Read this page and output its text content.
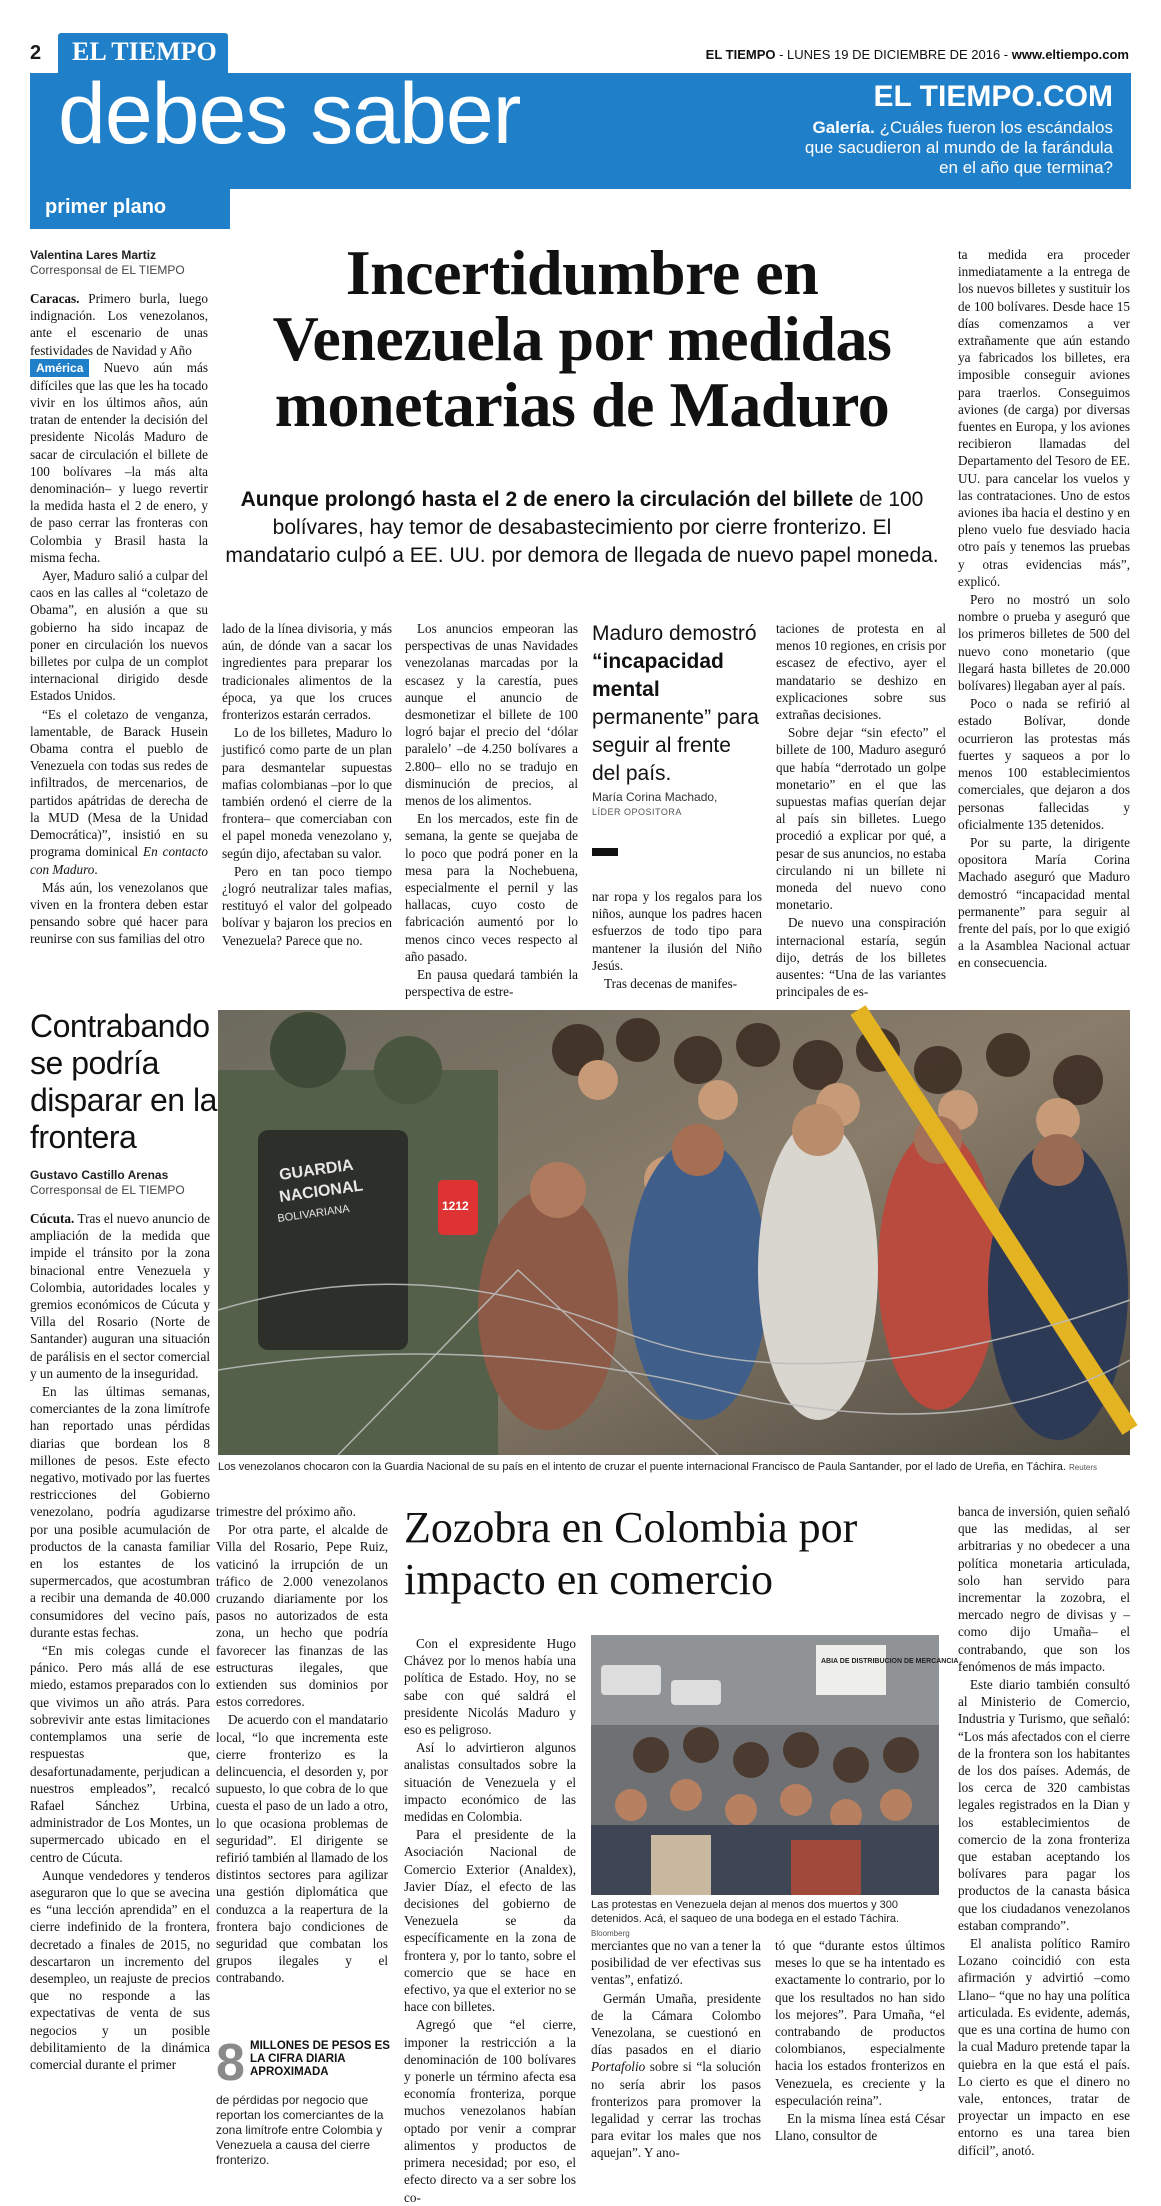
2	EL TIEMPO	EL TIEMPO - LUNES 19 DE DICIEMBRE DE 2016 - www.eltiempo.com
debes saber	EL TIEMPO.COM
Galería. ¿Cuáles fueron los escándalos que sacudieron al mundo de la farándula en el año que termina?
primer plano
Valentina Lares Martiz
Corresponsal de EL TIEMPO	Incertidumbre en Venezuela por medidas monetarias de Maduro
Aunque prolongó hasta el 2 de enero la circulación del billete de 100 bolívares, hay temor de desabastecimiento por cierre fronterizo. El mandatario culpó a EE. UU. por demora de llegada de nuevo papel moneda.

Caracas. Primero burla, luego indignación. Los venezolanos, ante el escenario de unas festividades de Navidad y Año
América Nuevo aún más difíciles que las que les ha tocado vivir en los últimos años, aún tratan de entender la decisión del presidente Nicolás Maduro de sacar de circulación el billete de 100 bolívares –la más alta denominación– y luego revertir la medida hasta el 2 de enero, y de paso cerrar las fronteras con Colombia y Brasil hasta la misma fecha.

Ayer, Maduro salió a culpar del caos en las calles al “coletazo de Obama”, en alusión a que su gobierno ha sido incapaz de poner en circulación los nuevos billetes por culpa de un complot internacional dirigido desde Estados Unidos.

“Es el coletazo de venganza, lamentable, de Barack Husein Obama contra el pueblo de Venezuela con todas sus redes de infiltrados, de mercenarios, de partidos apátridas de derecha de la MUD (Mesa de la Unidad Democrática)”, insistió en su programa dominical En contacto con Maduro.

Más aún, los venezolanos que viven en la frontera deben estar pensando sobre qué hacer para reunirse con sus familias del otro

lado de la línea divisoria, y más aún, de dónde van a sacar los ingredientes para preparar los tradicionales alimentos de la época, ya que los cruces fronterizos estarán cerrados.

Lo de los billetes, Maduro lo justificó como parte de un plan para desmantelar supuestas mafias colombianas –por lo que también ordenó el cierre de la frontera– que comerciaban con el papel moneda venezolano y, según dijo, afectaban su valor.

Pero en tan poco tiempo ¿logró neutralizar tales mafias, restituyó el valor del golpeado bolívar y bajaron los precios en Venezuela? Parece que no.

Los anuncios empeoran las perspectivas de unas Navidades venezolanas marcadas por la escasez y la carestía, pues aunque el anuncio de desmonetizar el billete de 100 logró bajar el precio del ‘dólar paralelo’ –de 4.250 bolívares a 2.800– ello no se tradujo en disminución de precios, al menos de los alimentos.

En los mercados, este fin de semana, la gente se quejaba de lo poco que podrá poner en la mesa para la Nochebuena, especialmente el pernil y las hallacas, cuyo costo de fabricación aumentó por lo menos cinco veces respecto al año pasado.

En pausa quedará también la perspectiva de estre-

Maduro demostró “incapacidad mental permanente” para seguir al frente del país.
María Corina Machado,
LÍDER OPOSITORA

nar ropa y los regalos para los niños, aunque los padres hacen esfuerzos de todo tipo para mantener la ilusión del Niño Jesús.

Tras decenas de manifes-

taciones de protesta en al menos 10 regiones, en crisis por escasez de efectivo, ayer el mandatario se deshizo en explicaciones sobre sus extrañas decisiones.

Sobre dejar “sin efecto” el billete de 100, Maduro aseguró que había “derrotado un golpe monetario” en el que las supuestas mafias querían dejar al país sin billetes. Luego procedió a explicar por qué, a pesar de sus anuncios, no estaba circulando ni un billete ni moneda del nuevo cono monetario.

De nuevo una conspiración internacional estaría, según dijo, detrás de los billetes ausentes: “Una de las variantes principales de es-

ta medida era proceder inmediatamente a la entrega de los nuevos billetes y sustituir los de 100 bolívares. Desde hace 15 días comenzamos a ver extrañamente que aún estando ya fabricados los billetes, era imposible conseguir aviones para traerlos. Conseguimos aviones (de carga) por diversas fuentes en Europa, y los aviones recibieron llamadas del Departamento del Tesoro de EE. UU. para cancelar los vuelos y las contrataciones. Uno de estos aviones iba hacia el destino y en pleno vuelo fue desviado hacia otro país y tenemos las pruebas y otras evidencias más”, explicó.

Pero no mostró un solo nombre o prueba y aseguró que los primeros billetes de 500 del nuevo cono monetario (que llegará hasta billetes de 20.000 bolívares) llegaban ayer al país.

Poco o nada se refirió al estado Bolívar, donde ocurrieron las protestas más fuertes y saqueos a por lo menos 100 establecimientos comerciales, que dejaron a dos personas fallecidas y oficialmente 135 detenidos.

Por su parte, la dirigente opositora María Corina Machado aseguró que Maduro demostró “incapacidad mental permanente” para seguir al frente del país, por lo que exigió a la Asamblea Nacional actuar en consecuencia.

Contrabando se podría disparar en la frontera
Gustavo Castillo Arenas
Corresponsal de EL TIEMPO

Cúcuta. Tras el nuevo anuncio de ampliación de la medida que impide el tránsito por la zona binacional entre Venezuela y Colombia, autoridades locales y gremios económicos de Cúcuta y Villa del Rosario (Norte de Santander) auguran una situación de parálisis en el sector comercial y un aumento de la inseguridad.

En las últimas semanas, comerciantes de la zona limítrofe han reportado unas pérdidas diarias que bordean los 8 millones de pesos. Este efecto negativo, motivado por las fuertes restricciones del Gobierno venezolano, podría agudizarse por una posible acumulación de productos de la canasta familiar en los estantes de los supermercados, que acostumbran a recibir una demanda de 40.000 consumidores del vecino país, durante estas fechas.

“En mis colegas cunde el pánico. Pero más allá de ese miedo, estamos preparados con lo que vivimos un año atrás. Para sobrevivir ante estas limitaciones contemplamos una serie de respuestas que, desafortunadamente, perjudican a nuestros empleados”, recalcó Rafael Sánchez Urbina, administrador de Los Montes, un supermercado ubicado en el centro de Cúcuta.

Aunque vendedores y tenderos aseguraron que lo que se avecina es “una lección aprendida” en el cierre indefinido de la frontera, decretado a finales de 2015, no descartaron un incremento del desempleo, un reajuste de precios que no responde a las expectativas de venta de sus negocios y un posible debilitamiento de la dinámica comercial durante el primer

trimestre del próximo año.

Por otra parte, el alcalde de Villa del Rosario, Pepe Ruiz, vaticinó la irrupción de un tráfico de 2.000 venezolanos cruzando diariamente por los pasos no autorizados de esta zona, un hecho que podría favorecer las finanzas de las estructuras ilegales, que extienden sus dominios por estos corredores.

De acuerdo con el mandatario local, “lo que incrementa este cierre fronterizo es la delincuencia, el desorden y, por supuesto, lo que cobra de lo que cuesta el paso de un lado a otro, lo que ocasiona problemas de seguridad”. El dirigente se refirió también al llamado de los distintos sectores para agilizar una gestión diplomática que conduzca a la reapertura de la frontera bajo condiciones de seguridad que combatan los grupos ilegales y el contrabando.

8 MILLONES DE PESOS ES LA CIFRA DIARIA APROXIMADA
de pérdidas por negocio que reportan los comerciantes de la zona limítrofe entre Colombia y Venezuela a causa del cierre fronterizo.
GUARDIA
NACIONAL
BOLIVARIANA	1212
Los venezolanos chocaron con la Guardia Nacional de su país en el intento de cruzar el puente internacional Francisco de Paula Santander, por el lado de Ureña, en Táchira. Reuters
Zozobra en Colombia por impacto en comercio

Con el expresidente Hugo Chávez por lo menos había una política de Estado. Hoy, no se sabe con qué saldrá el presidente Nicolás Maduro y eso es peligroso.

Así lo advirtieron algunos analistas consultados sobre la situación de Venezuela y el impacto económico de las medidas en Colombia.

Para el presidente de la Asociación Nacional de Comercio Exterior (Analdex), Javier Díaz, el efecto de las decisiones del gobierno de Venezuela se da específicamente en la zona de frontera y, por lo tanto, sobre el comercio que se hace en efectivo, ya que el exterior no se hace con billetes.

Agregó que “el cierre, imponer la restricción a la denominación de 100 bolívares y ponerle un término afecta esa economía fronteriza, porque muchos venezolanos habían optado por venir a comprar alimentos y productos de primera necesidad; por eso, el efecto directo va a ser sobre los co-

ABIA DE DISTRIBUCION DE MERCANCIA
Las protestas en Venezuela dejan al menos dos muertos y 300 detenidos. Acá, el saqueo de una bodega en el estado Táchira. Bloomberg

merciantes que no van a tener la posibilidad de ver efectivas sus ventas”, enfatizó.

Germán Umaña, presidente de la Cámara Colombo Venezolana, se cuestionó en días pasados en el diario Portafolio sobre si “la solución no sería abrir los pasos fronterizos para promover la legalidad y cerrar las trochas para evitar los males que nos aquejan”. Y ano-

tó que “durante estos últimos meses lo que se ha intentado es exactamente lo contrario, por lo que los resultados no han sido los mejores”. Para Umaña, “el contrabando de productos colombianos, especialmente hacia los estados fronterizos en Venezuela, es creciente y la especulación reina”.

En la misma línea está César Llano, consultor de

banca de inversión, quien señaló que las medidas, al ser arbitrarias y no obedecer a una política monetaria articulada, solo han servido para incrementar la zozobra, el mercado negro de divisas y –como dijo Umaña– el contrabando, que son los fenómenos de más impacto.

Este diario también consultó al Ministerio de Comercio, Industria y Turismo, que señaló: “Los más afectados con el cierre de la frontera son los habitantes de los dos países. Además, de los cerca de 320 cambistas legales registrados en la Dian y los establecimientos de comercio de la zona fronteriza que estaban aceptando los bolívares para pagar los productos de la canasta básica que los ciudadanos venezolanos estaban comprando”.

El analista político Ramiro Lozano coincidió con esta afirmación y advirtió –como Llano– “que no hay una política articulada. Es evidente, además, que es una cortina de humo con la cual Maduro pretende tapar la quiebra en la que está el país. Lo cierto es que el dinero no vale, entonces, tratar de proyectar un impacto en ese entorno es una tarea bien difícil”, anotó.
